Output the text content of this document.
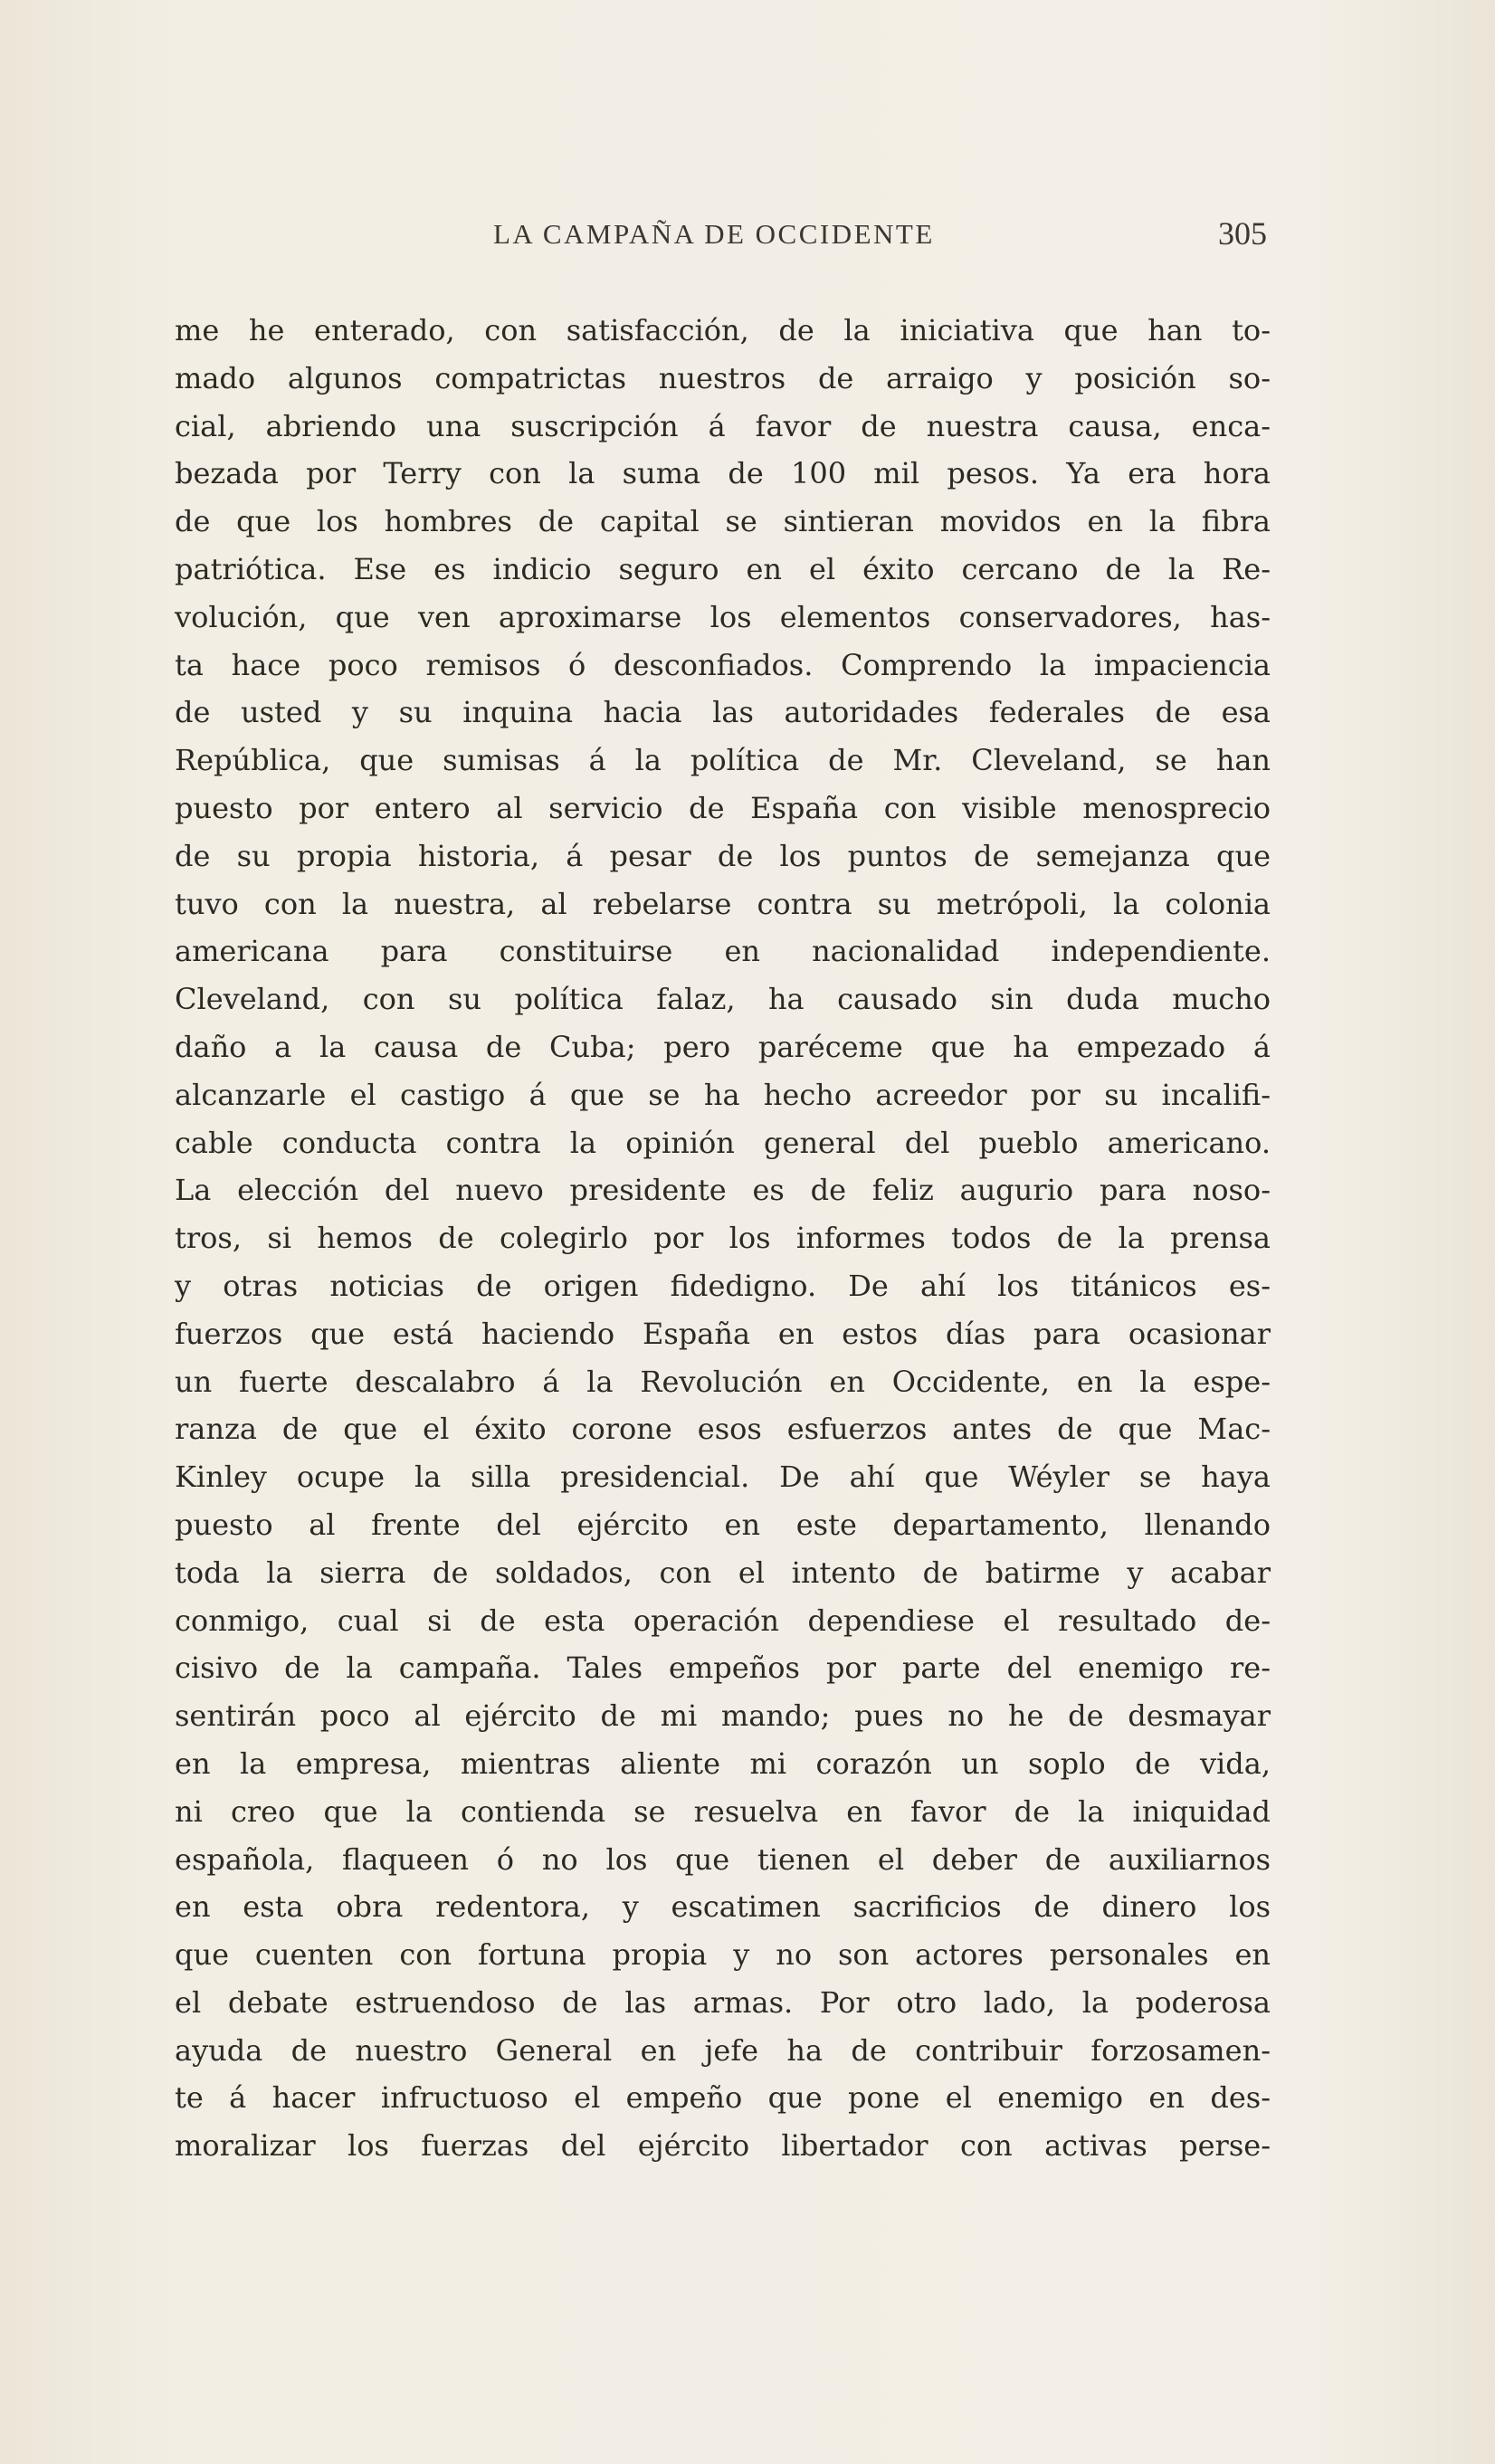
LA CAMPAÑA DE OCCIDENTE	305
me he enterado, con satisfacción, de la iniciativa que han to-
mado algunos compatrictas nuestros de arraigo y posición so-
cial, abriendo una suscripción á favor de nuestra causa, enca-
bezada por Terry con la suma de 100 mil pesos. Ya era hora
de que los hombres de capital se sintieran movidos en la fibra
patriótica. Ese es indicio seguro en el éxito cercano de la Re-
volución, que ven aproximarse los elementos conservadores, has-
ta hace poco remisos ó desconfiados. Comprendo la impaciencia
de usted y su inquina hacia las autoridades federales de esa
República, que sumisas á la política de Mr. Cleveland, se han
puesto por entero al servicio de España con visible menosprecio
de su propia historia, á pesar de los puntos de semejanza que
tuvo con la nuestra, al rebelarse contra su metrópoli, la colonia
americana para constituirse en nacionalidad independiente.
Cleveland, con su política falaz, ha causado sin duda mucho
daño a la causa de Cuba; pero paréceme que ha empezado á
alcanzarle el castigo á que se ha hecho acreedor por su incalifi-
cable conducta contra la opinión general del pueblo americano.
La elección del nuevo presidente es de feliz augurio para noso-
tros, si hemos de colegirlo por los informes todos de la prensa
y otras noticias de origen fidedigno. De ahí los titánicos es-
fuerzos que está haciendo España en estos días para ocasionar
un fuerte descalabro á la Revolución en Occidente, en la espe-
ranza de que el éxito corone esos esfuerzos antes de que Mac-
Kinley ocupe la silla presidencial. De ahí que Wéyler se haya
puesto al frente del ejército en este departamento, llenando
toda la sierra de soldados, con el intento de batirme y acabar
conmigo, cual si de esta operación dependiese el resultado de-
cisivo de la campaña. Tales empeños por parte del enemigo re-
sentirán poco al ejército de mi mando; pues no he de desmayar
en la empresa, mientras aliente mi corazón un soplo de vida,
ni creo que la contienda se resuelva en favor de la iniquidad
española, flaqueen ó no los que tienen el deber de auxiliarnos
en esta obra redentora, y escatimen sacrificios de dinero los
que cuenten con fortuna propia y no son actores personales en
el debate estruendoso de las armas. Por otro lado, la poderosa
ayuda de nuestro General en jefe ha de contribuir forzosamen-
te á hacer infructuoso el empeño que pone el enemigo en des-
moralizar los fuerzas del ejército libertador con activas perse-
